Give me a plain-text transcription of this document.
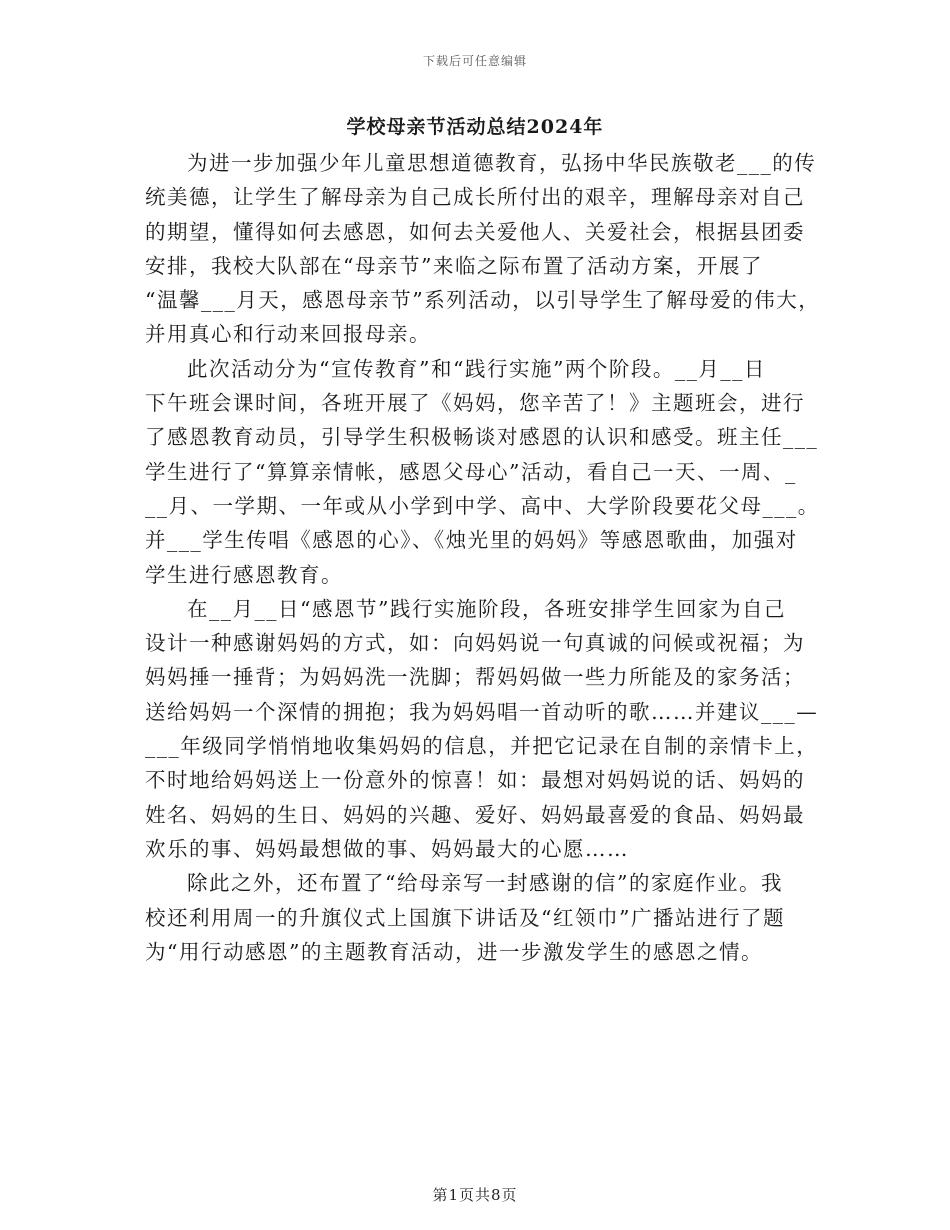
下载后可任意编辑
学校母亲节活动总结2024年
为进一步加强少年儿童思想道德教育，弘扬中华民族敬老___的传
统美德，让学生了解母亲为自己成长所付出的艰辛，理解母亲对自己
的期望，懂得如何去感恩，如何去关爱他人、关爱社会，根据县团委
安排，我校大队部在“母亲节”来临之际布置了活动方案，开展了
“温馨___月天，感恩母亲节”系列活动，以引导学生了解母爱的伟大，
并用真心和行动来回报母亲。
此次活动分为“宣传教育”和“践行实施”两个阶段。__月__日
下午班会课时间，各班开展了《妈妈，您辛苦了！》主题班会，进行
了感恩教育动员，引导学生积极畅谈对感恩的认识和感受。班主任___
学生进行了“算算亲情帐，感恩父母心”活动，看自己一天、一周、_
__月、一学期、一年或从小学到中学、高中、大学阶段要花父母___。
并___学生传唱《感恩的心》、《烛光里的妈妈》等感恩歌曲，加强对
学生进行感恩教育。
在__月__日“感恩节”践行实施阶段，各班安排学生回家为自己
设计一种感谢妈妈的方式，如：向妈妈说一句真诚的问候或祝福；为
妈妈捶一捶背；为妈妈洗一洗脚；帮妈妈做一些力所能及的家务活；
送给妈妈一个深情的拥抱；我为妈妈唱一首动听的歌……并建议___—
___年级同学悄悄地收集妈妈的信息，并把它记录在自制的亲情卡上，
不时地给妈妈送上一份意外的惊喜！如：最想对妈妈说的话、妈妈的
姓名、妈妈的生日、妈妈的兴趣、爱好、妈妈最喜爱的食品、妈妈最
欢乐的事、妈妈最想做的事、妈妈最大的心愿……
除此之外，还布置了“给母亲写一封感谢的信”的家庭作业。我
校还利用周一的升旗仪式上国旗下讲话及“红领巾”广播站进行了题
为“用行动感恩”的主题教育活动，进一步激发学生的感恩之情。
第1页共8页
